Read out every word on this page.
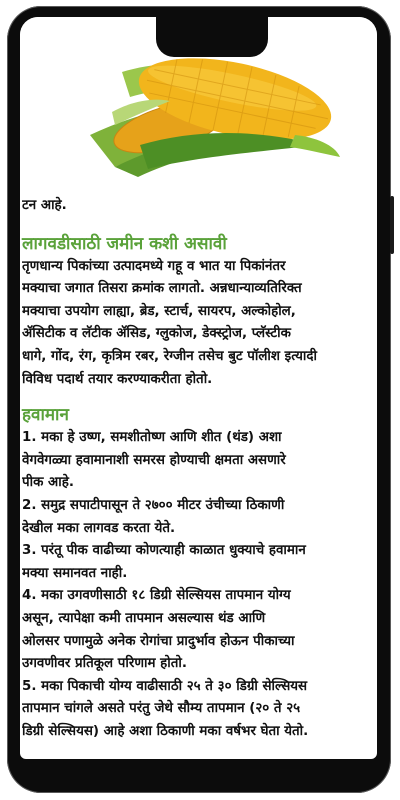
टन आहे.
लागवडीसाठी जमीन कशी असावी
तृणधान्य पिकांच्या उत्पादमध्ये गहू व भात या पिकांनंतर
मक्याचा जगात तिसरा क्रमांक लागतो. अन्नधान्याव्यतिरिक्त
मक्याचा उपयोग लाह्या, ब्रेड, स्टार्च, सायरप, अल्कोहोल,
ॲसिटीक व लॅटीक ॲसिड, ग्लुकोज, डेक्स्ट्रोज, प्लॅस्टीक
धागे, गोंद, रंग, कृत्रिम रबर, रेग्जीन तसेच बुट पॉलीश इत्यादी
विविध पदार्थ तयार करण्याकरीता होतो.
हवामान
1. मका हे उष्ण, समशीतोष्ण आणि शीत (थंड) अशा
वेगवेगळ्या हवामानाशी समरस होण्याची क्षमता असणारे
पीक आहे.
2. समुद्र सपाटीपासून ते २७०० मीटर उंचीच्या ठिकाणी
देखील मका लागवड करता येते.
3. परंतू पीक वाढीच्या कोणत्याही काळात धुक्याचे हवामान
मक्या समानवत नाही.
4. मका उगवणीसाठी १८ डिग्री सेल्सियस तापमान योग्य
असून, त्यापेक्षा कमी तापमान असल्यास थंड आणि
ओलसर पणामुळे अनेक रोगांचा प्रादुर्भाव होऊन पीकाच्या
उगवणीवर प्रतिकूल परिणाम होतो.
5. मका पिकाची योग्य वाढीसाठी २५ ते ३० डिग्री सेल्सियस
तापमान चांगले असते परंतु जेथे सौम्य तापमान (२० ते २५
डिग्री सेल्सियस) आहे अशा ठिकाणी मका वर्षभर घेता येतो.
